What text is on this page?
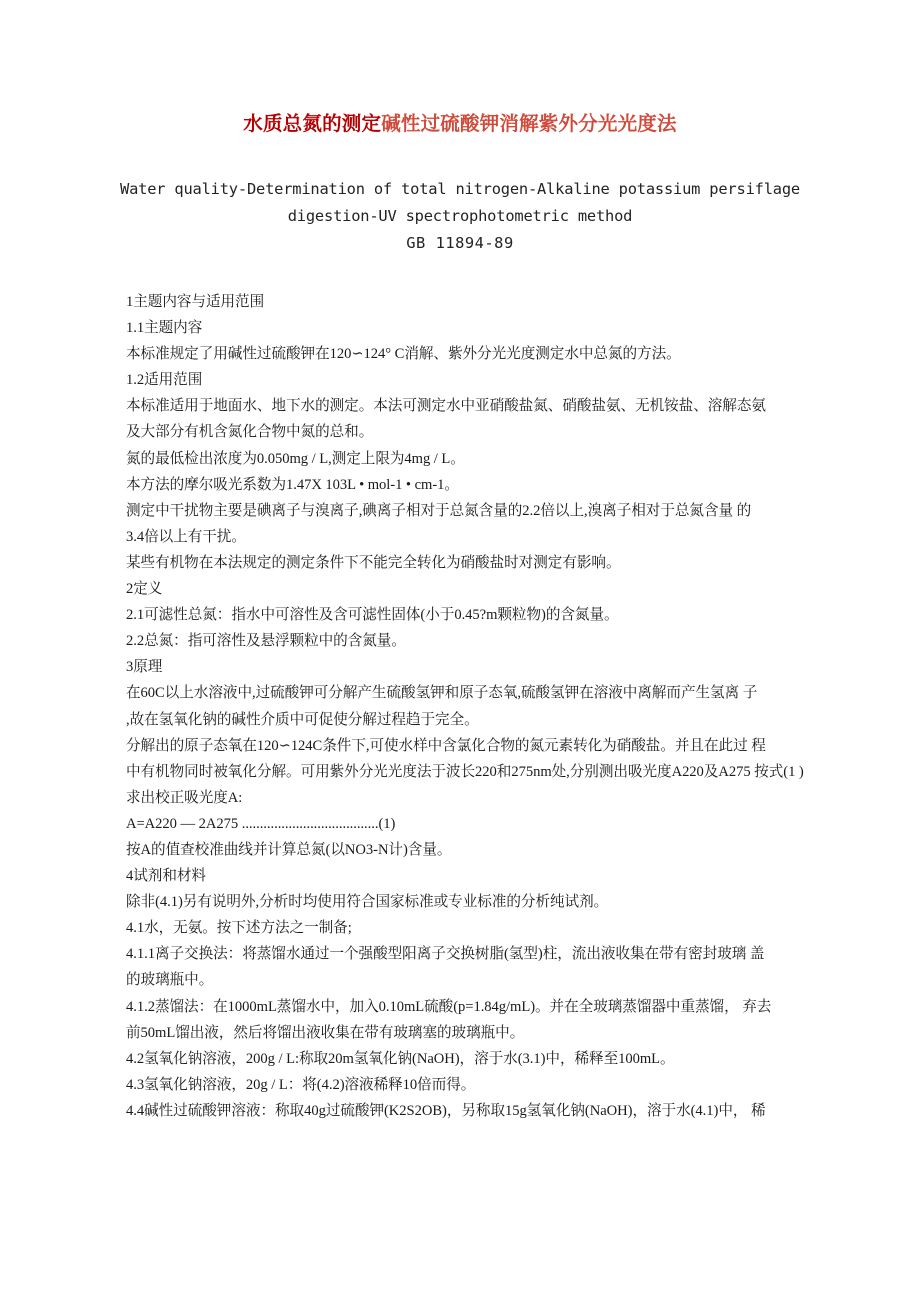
水质总氮的测定碱性过硫酸钾消解紫外分光光度法
Water quality-Determination of total nitrogen-Alkaline potassium persiflage
digestion-UV spectrophotometric method
GB 11894-89

1主题内容与适用范围

1.1主题内容

本标准规定了用碱性过硫酸钾在120∽124° C消解、紫外分光光度测定水中总氮的方法。

1.2适用范围

本标准适用于地面水、地下水的测定。本法可测定水中亚硝酸盐氮、硝酸盐氨、无机铵盐、溶解态氨

及大部分有机含氮化合物中氮的总和。

氮的最低检出浓度为0.050mg / L,测定上限为4mg / L。

本方法的摩尔吸光系数为1.47X 103L • mol-1 • cm-1。

测定中干扰物主要是碘离子与溴离子,碘离子相对于总氮含量的2.2倍以上,溴离子相对于总氮含量 的

3.4倍以上有干扰。

某些有机物在本法规定的测定条件下不能完全转化为硝酸盐时对测定有影响。

2定义

2.1可滤性总氮：指水中可溶性及含可滤性固体(小于0.45?m颗粒物)的含氮量。

2.2总氮：指可溶性及悬浮颗粒中的含氮量。

3原理

在60C以上水溶液中,过硫酸钾可分解产生硫酸氢钾和原子态氧,硫酸氢钾在溶液中离解而产生氢离 子

,故在氢氧化钠的碱性介质中可促使分解过程趋于完全。

分解出的原子态氧在120∽124C条件下,可使水样中含氯化合物的氮元素转化为硝酸盐。并且在此过 程

中有机物同时被氧化分解。可用紫外分光光度法于波长220和275nm处,分别测出吸光度A220及A275 按式(1 )

求出校正吸光度A:

A=A220 — 2A275 ......................................(1)

按A的值查校准曲线并计算总氮(以NO3-N计)含量。

4试剂和材料

除非(4.1)另有说明外,分析时均使用符合国家标准或专业标准的分析纯试剂。

4.1水，无氨。按下述方法之一制备;

4.1.1离子交换法：将蒸馏水通过一个强酸型阳离子交换树脂(氢型)柱，流出液收集在带有密封玻璃 盖

的玻璃瓶中。

4.1.2蒸馏法：在1000mL蒸馏水中，加入0.10mL硫酸(p=1.84g/mL)。并在全玻璃蒸馏器中重蒸馏， 弃去

前50mL馏出液，然后将馏出液收集在带有玻璃塞的玻璃瓶中。

4.2氢氧化钠溶液，200g / L:称取20m氢氧化钠(NaOH)，溶于水(3.1)中，稀释至100mL。

4.3氢氧化钠溶液，20g / L：将(4.2)溶液稀释10倍而得。

4.4碱性过硫酸钾溶液：称取40g过硫酸钾(K2S2OB)，另称取15g氢氧化钠(NaOH)，溶于水(4.1)中， 稀
